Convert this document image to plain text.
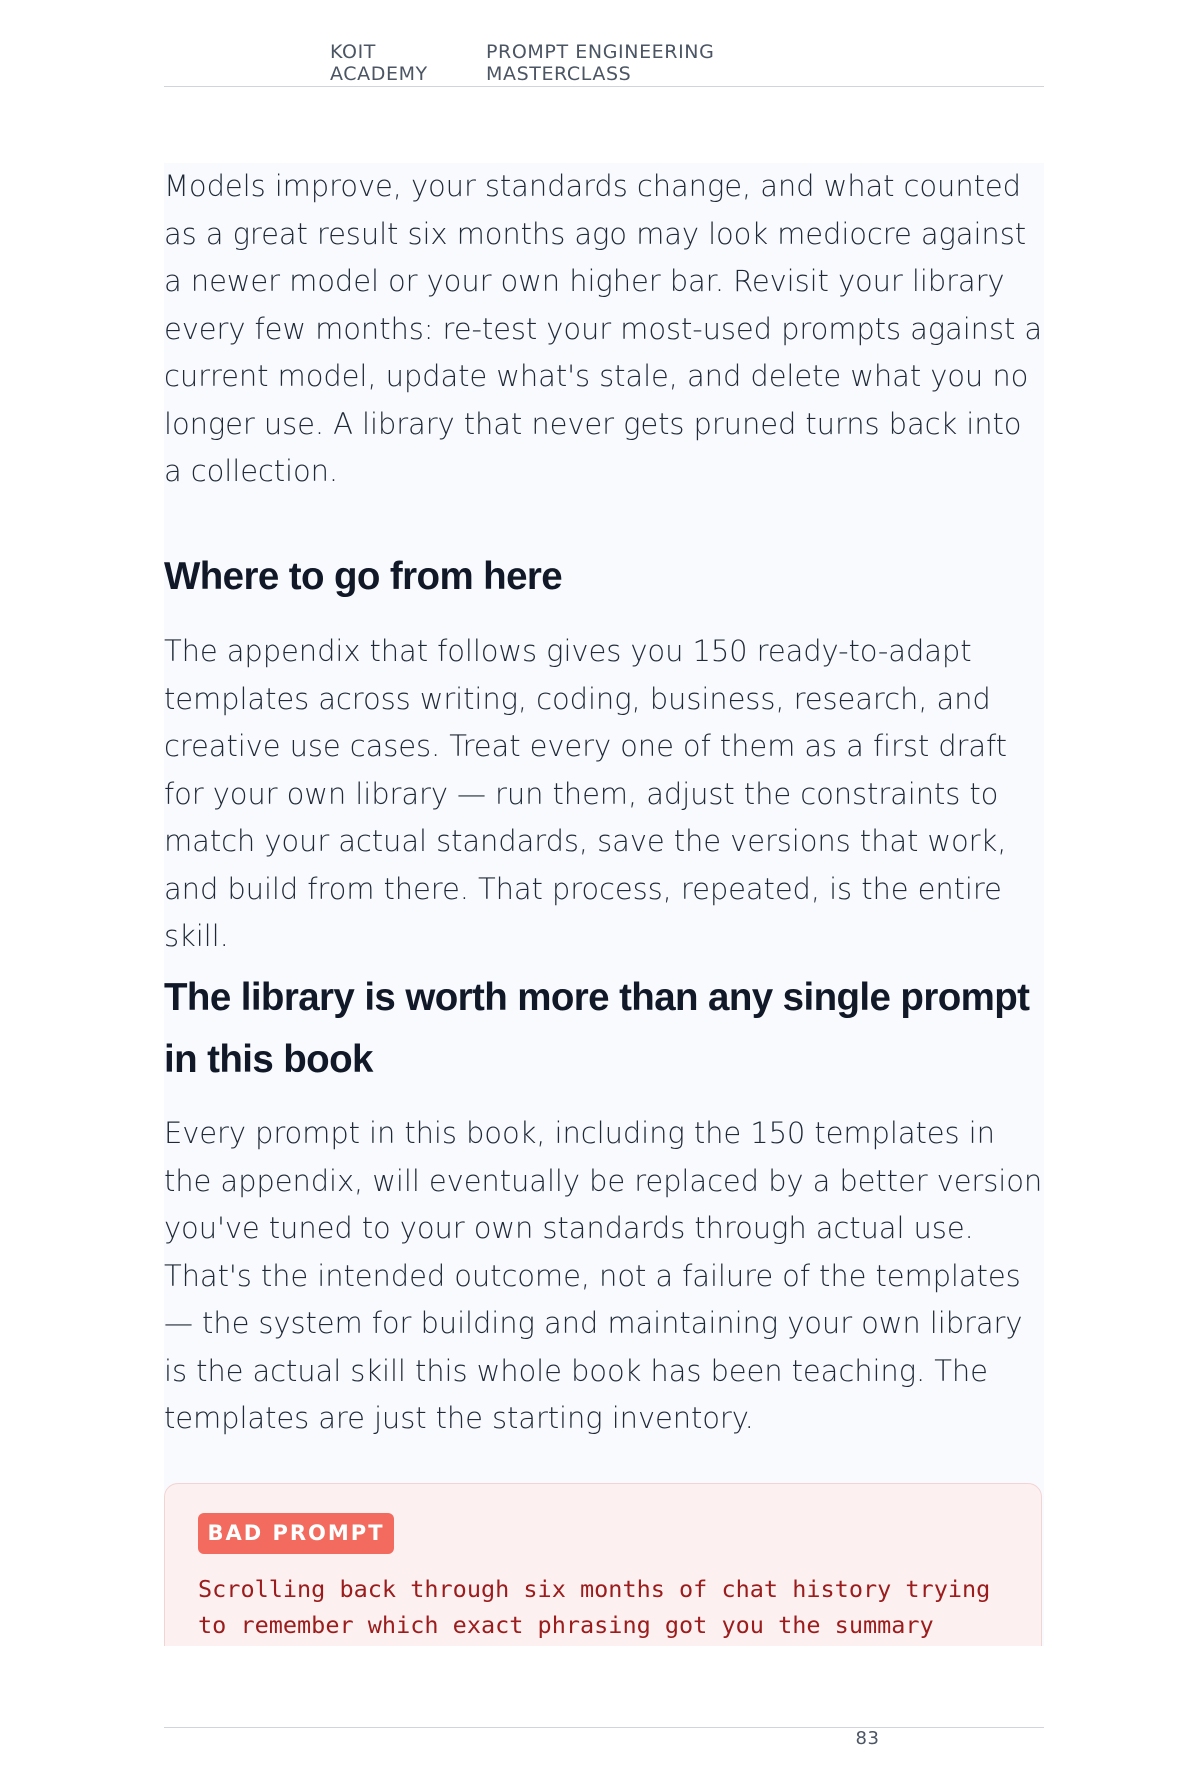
KOIT ACADEMY
PROMPT ENGINEERING MASTERCLASS

Models improve, your standards change, and what counted as a great result six months ago may look mediocre against a newer model or your own higher bar. Revisit your library every few months: re-test your most-used prompts against a current model, update what's stale, and delete what you no longer use. A library that never gets pruned turns back into a collection.

Where to go from here

The appendix that follows gives you 150 ready-to-adapt templates across writing, coding, business, research, and creative use cases. Treat every one of them as a first draft for your own library — run them, adjust the constraints to match your actual standards, save the versions that work, and build from there. That process, repeated, is the entire skill.

The library is worth more than any single prompt in this book

Every prompt in this book, including the 150 templates in the appendix, will eventually be replaced by a better version you've tuned to your own standards through actual use. That's the intended outcome, not a failure of the templates — the system for building and maintaining your own library is the actual skill this whole book has been teaching. The templates are just the starting inventory.

BAD PROMPT
Scrolling back through six months of chat history trying to remember which exact phrasing got you the summary
83
